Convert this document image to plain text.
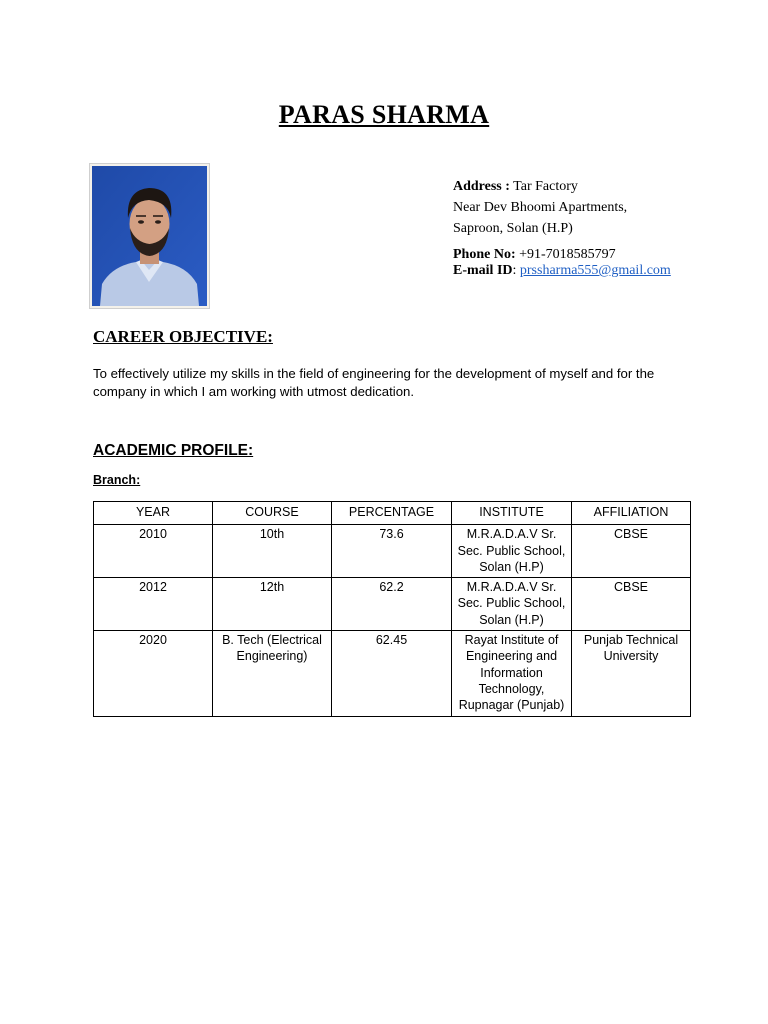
PARAS SHARMA
Address : Tar Factory
Near Dev Bhoomi Apartments,
Saproon, Solan (H.P)
Phone No: +91-7018585797
E-mail ID: prssharma555@gmail.com
CAREER OBJECTIVE:
To effectively utilize my skills in the field of engineering for the development of myself and for the company in which I am working with utmost dedication.
ACADEMIC PROFILE:
Branch:
YEAR	COURSE	PERCENTAGE	INSTITUTE	AFFILIATION
2010	10th	73.6	M.R.A.D.A.V Sr. Sec. Public School, Solan (H.P)	CBSE
2012	12th	62.2	M.R.A.D.A.V Sr. Sec. Public School, Solan (H.P)	CBSE
2020	B. Tech (Electrical Engineering)	62.45	Rayat Institute of Engineering and Information Technology, Rupnagar (Punjab)	Punjab Technical University
